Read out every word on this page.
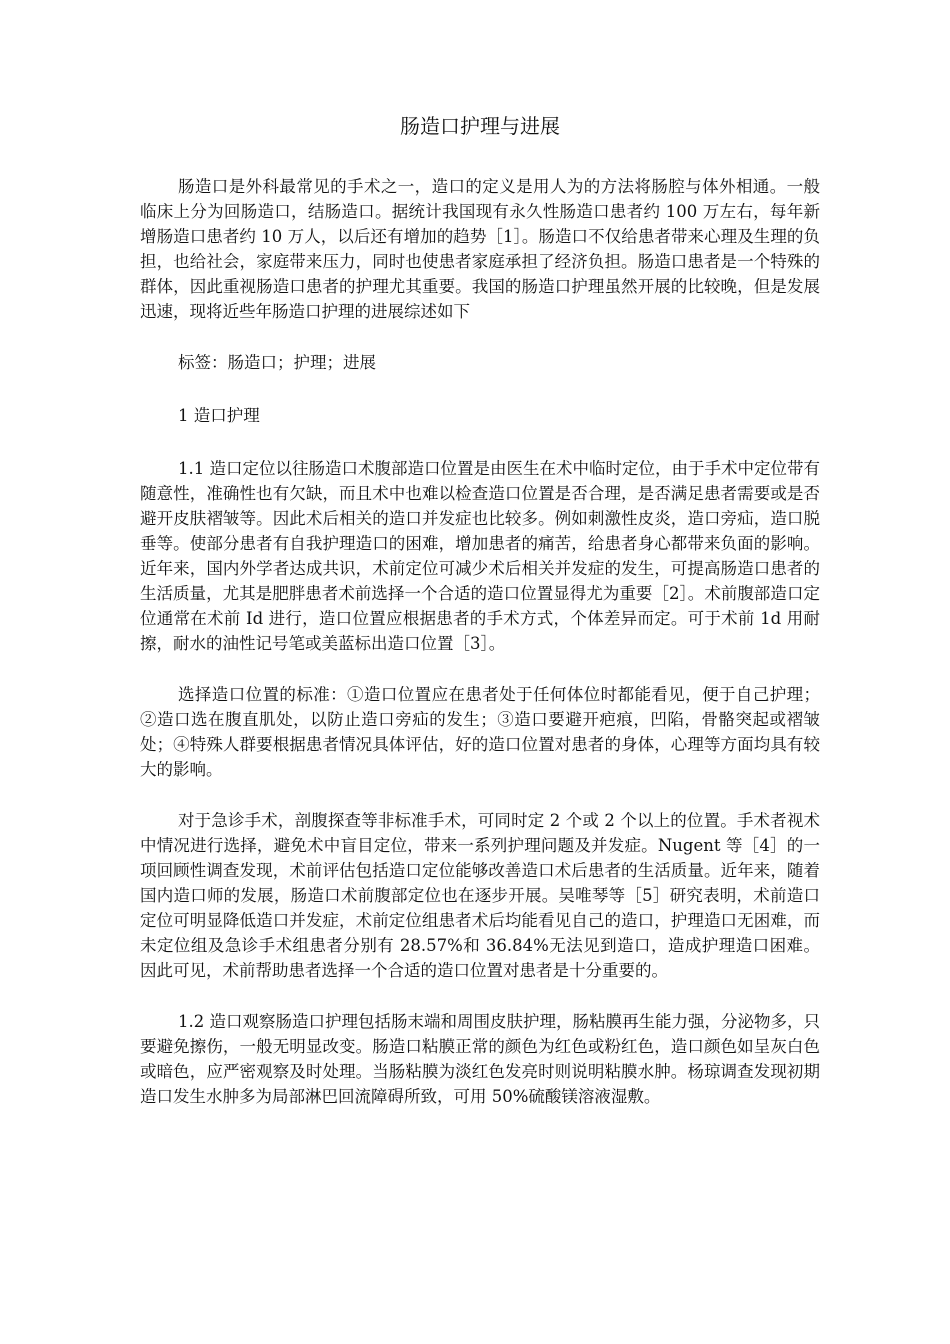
肠造口护理与进展

肠造口是外科最常见的手术之一，造口的定义是用人为的方法将肠腔与体外相通。一般临床上分为回肠造口，结肠造口。据统计我国现有永久性肠造口患者约 100 万左右，每年新增肠造口患者约 10 万人，以后还有增加的趋势［1］。肠造口不仅给患者带来心理及生理的负担，也给社会，家庭带来压力，同时也使患者家庭承担了经济负担。肠造口患者是一个特殊的群体，因此重视肠造口患者的护理尤其重要。我国的肠造口护理虽然开展的比较晚，但是发展迅速，现将近些年肠造口护理的进展综述如下

标签：肠造口；护理；进展

1 造口护理

1.1 造口定位以往肠造口术腹部造口位置是由医生在术中临时定位，由于手术中定位带有随意性，准确性也有欠缺，而且术中也难以检查造口位置是否合理，是否满足患者需要或是否避开皮肤褶皱等。因此术后相关的造口并发症也比较多。例如刺激性皮炎，造口旁疝，造口脱垂等。使部分患者有自我护理造口的困难，增加患者的痛苦，给患者身心都带来负面的影响。近年来，国内外学者达成共识，术前定位可减少术后相关并发症的发生，可提高肠造口患者的生活质量，尤其是肥胖患者术前选择一个合适的造口位置显得尤为重要［2］。术前腹部造口定位通常在术前 Id 进行，造口位置应根据患者的手术方式，个体差异而定。可于术前 1d 用耐擦，耐水的油性记号笔或美蓝标出造口位置［3］。

选择造口位置的标准：①造口位置应在患者处于任何体位时都能看见，便于自己护理；②造口选在腹直肌处，以防止造口旁疝的发生；③造口要避开疤痕，凹陷，骨骼突起或褶皱处；④特殊人群要根据患者情况具体评估，好的造口位置对患者的身体，心理等方面均具有较大的影响。

对于急诊手术，剖腹探查等非标准手术，可同时定 2 个或 2 个以上的位置。手术者视术中情况进行选择，避免术中盲目定位，带来一系列护理问题及并发症。Nugent 等［4］的一项回顾性调查发现，术前评估包括造口定位能够改善造口术后患者的生活质量。近年来，随着国内造口师的发展，肠造口术前腹部定位也在逐步开展。吴唯琴等［5］研究表明，术前造口定位可明显降低造口并发症，术前定位组患者术后均能看见自己的造口，护理造口无困难，而未定位组及急诊手术组患者分别有 28.57%和 36.84%无法见到造口，造成护理造口困难。因此可见，术前帮助患者选择一个合适的造口位置对患者是十分重要的。

1.2 造口观察肠造口护理包括肠末端和周围皮肤护理，肠粘膜再生能力强，分泌物多，只要避免擦伤，一般无明显改变。肠造口粘膜正常的颜色为红色或粉红色，造口颜色如呈灰白色或暗色，应严密观察及时处理。当肠粘膜为淡红色发亮时则说明粘膜水肿。杨琼调查发现初期造口发生水肿多为局部淋巴回流障碍所致，可用 50%硫酸镁溶液湿敷。
